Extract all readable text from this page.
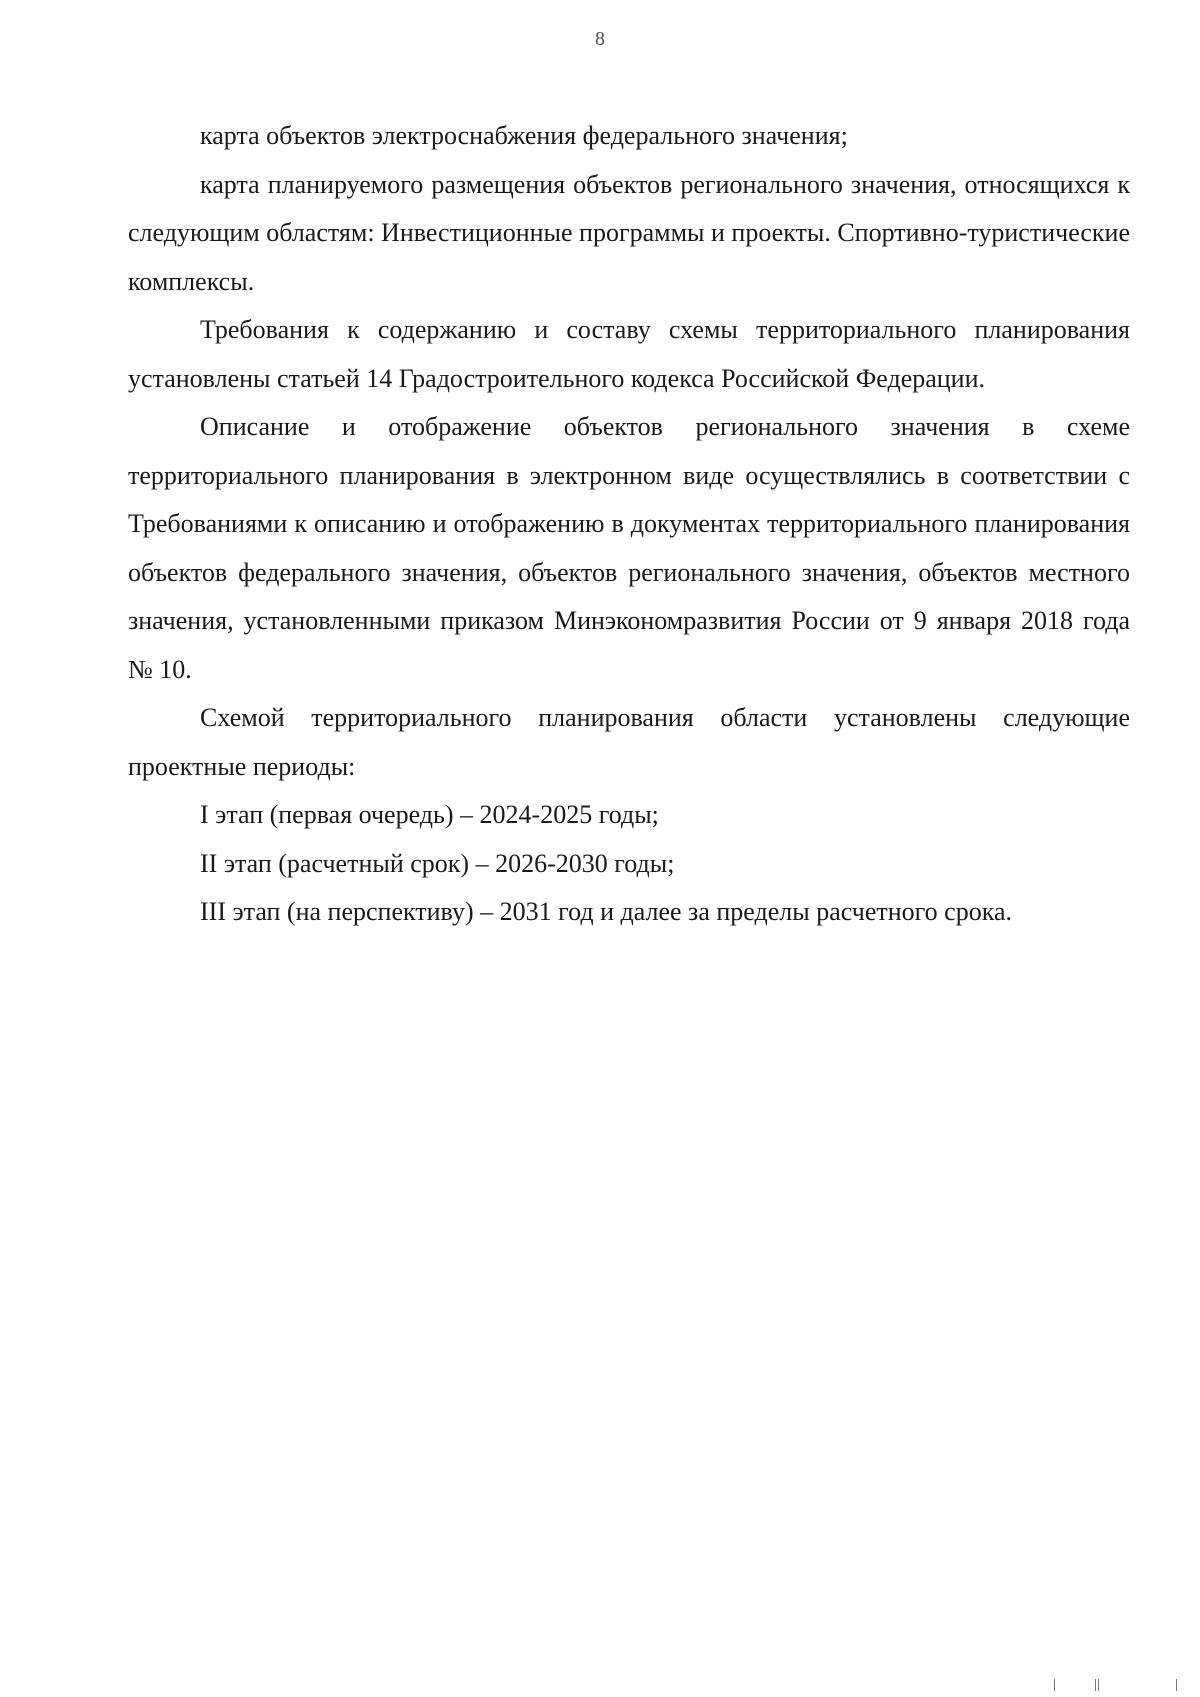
8

карта объектов электроснабжения федерального значения;

карта планируемого размещения объектов регионального значения, относящихся к следующим областям: Инвестиционные программы и проекты. Спортивно-туристические комплексы.

Требования к содержанию и составу схемы территориального планирования установлены статьей 14 Градостроительного кодекса Российской Федерации.

Описание и отображение объектов регионального значения в схеме территориального планирования в электронном виде осуществлялись в соответствии с Требованиями к описанию и отображению в документах территориального планирования объектов федерального значения, объектов регионального значения, объектов местного значения, установленными приказом Минэкономразвития России от 9 января 2018 года № 10.

Схемой территориального планирования области установлены следующие проектные периоды:

I этап (первая очередь) – 2024-2025 годы;

II этап (расчетный срок) – 2026-2030 годы;

III этап (на перспективу) – 2031 год и далее за пределы расчетного срока.
